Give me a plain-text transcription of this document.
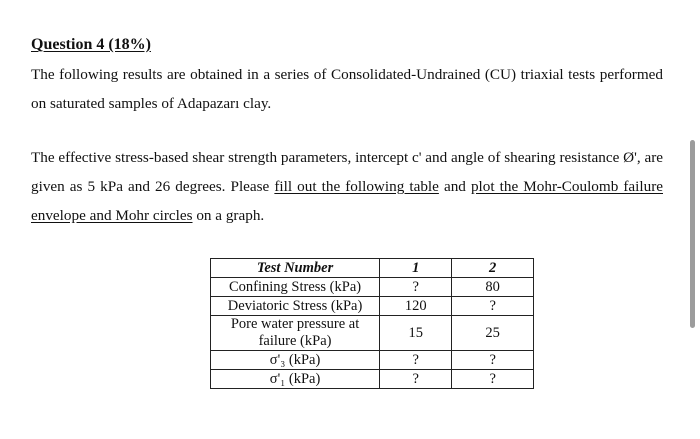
Question 4 (18%)
The following results are obtained in a series of Consolidated-Undrained (CU) triaxial tests performed on saturated samples of Adapazarı clay.
The effective stress-based shear strength parameters, intercept c' and angle of shearing resistance Ø', are given as 5 kPa and 26 degrees. Please fill out the following table and plot the Mohr-Coulomb failure envelope and Mohr circles on a graph.
Test Number	1	2
Confining Stress (kPa)	?	80
Deviatoric Stress (kPa)	120	?
Pore water pressure at failure (kPa)	15	25
σ'₃ (kPa)	?	?
σ'₁ (kPa)	?	?
